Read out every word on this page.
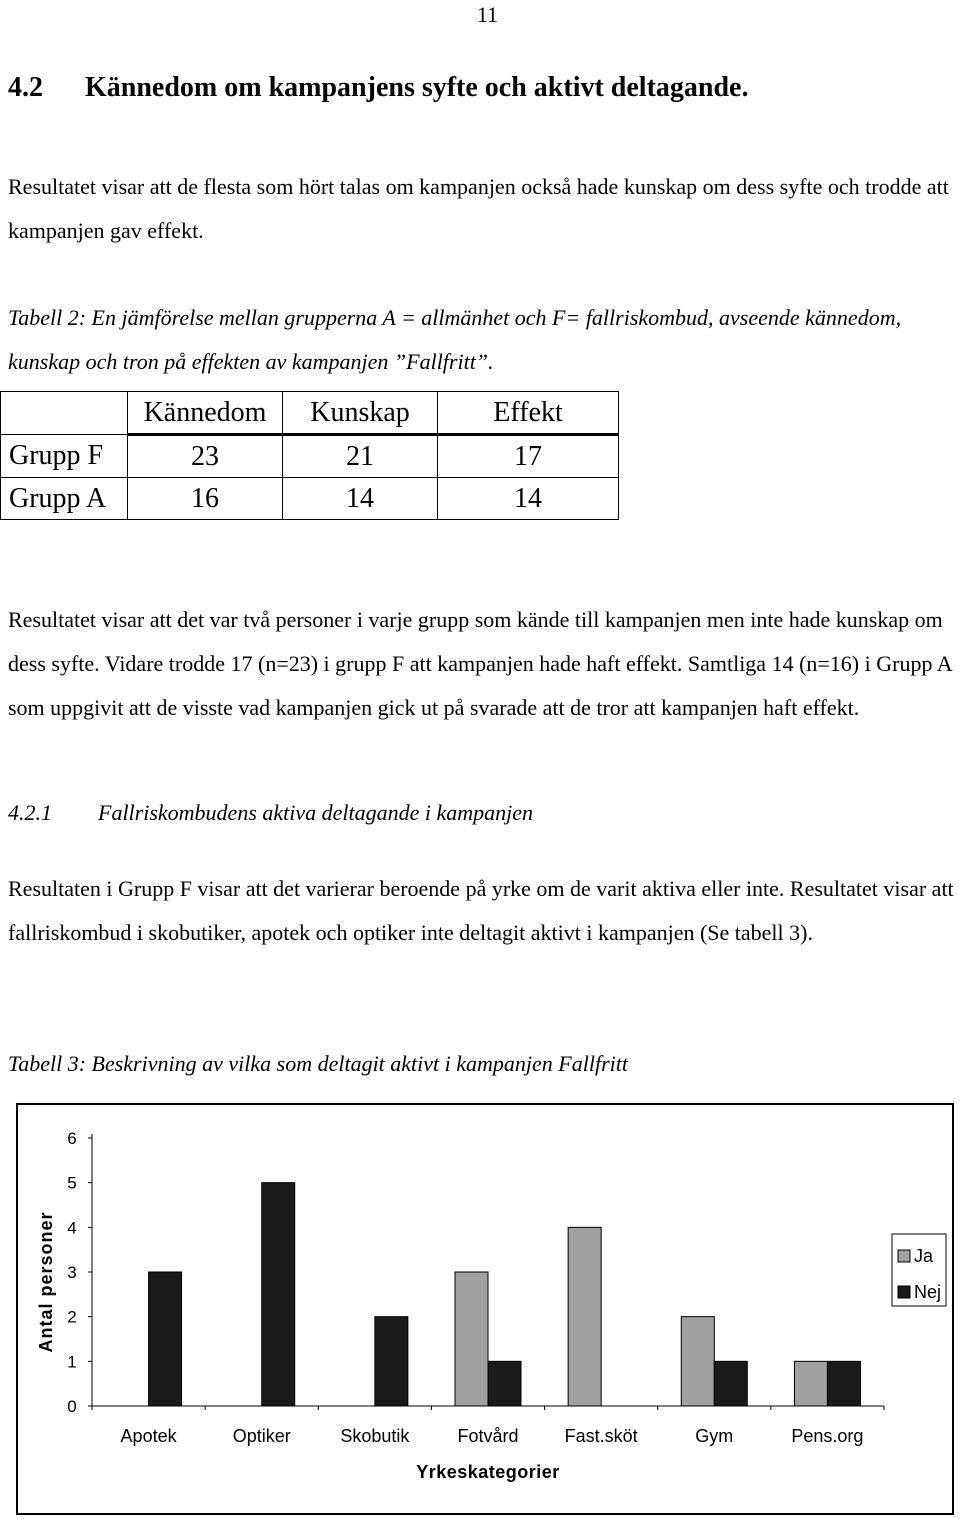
11
4.2 Kännedom om kampanjens syfte och aktivt deltagande.
Resultatet visar att de flesta som hört talas om kampanjen också hade kunskap om dess syfte och trodde att kampanjen gav effekt.
Tabell 2: En jämförelse mellan grupperna A = allmänhet och F= fallriskombud, avseende kännedom, kunskap och tron på effekten av kampanjen ”Fallfritt”.
	Kännedom	Kunskap	Effekt
Grupp F	23	21	17
Grupp A	16	14	14
Resultatet visar att det var två personer i varje grupp som kände till kampanjen men inte hade kunskap om dess syfte. Vidare trodde 17 (n=23) i grupp F att kampanjen hade haft effekt. Samtliga 14 (n=16) i Grupp A som uppgivit att de visste vad kampanjen gick ut på svarade att de tror att kampanjen haft effekt.
4.2.1 Fallriskombudens aktiva deltagande i kampanjen
Resultaten i Grupp F visar att det varierar beroende på yrke om de varit aktiva eller inte. Resultatet visar att fallriskombud i skobutiker, apotek och optiker inte deltagit aktivt i kampanjen (Se tabell 3).
Tabell 3: Beskrivning av vilka som deltagit aktivt i kampanjen Fallfritt
0
1
2
3
4
5
6
Apotek	Optiker	Skobutik	Fotvård	Fast.sköt	Gym	Pens.org
Yrkeskategorier
Antal personer	Ja
Nej
